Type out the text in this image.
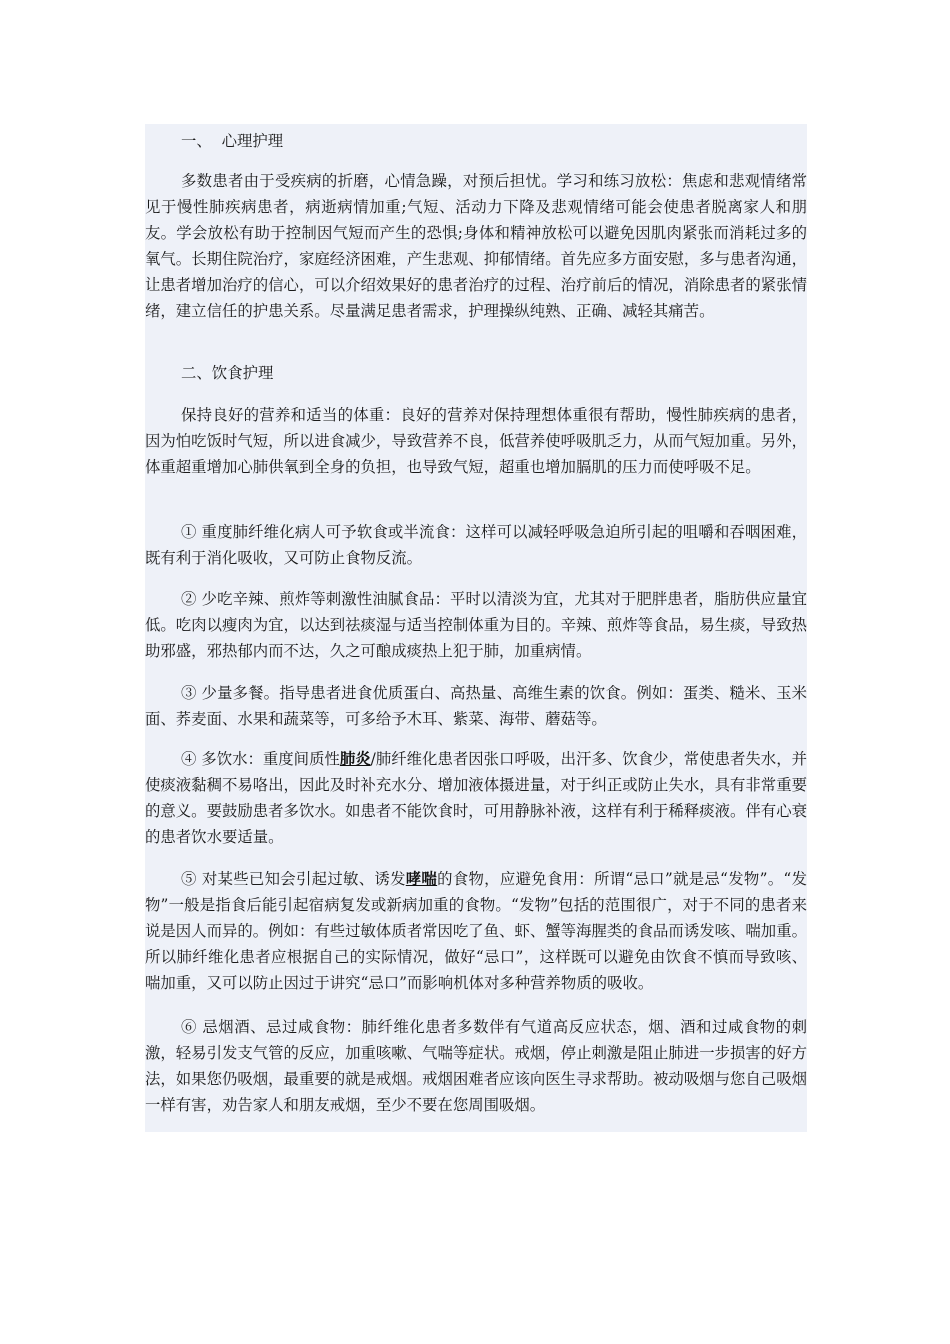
一、  心理护理

多数患者由于受疾病的折磨，心情急躁，对预后担忧。学习和练习放松：焦虑和悲观情绪常见于慢性肺疾病患者，病逝病情加重;气短、活动力下降及悲观情绪可能会使患者脱离家人和朋友。学会放松有助于控制因气短而产生的恐惧;身体和精神放松可以避免因肌肉紧张而消耗过多的氧气。长期住院治疗，家庭经济困难，产生悲观、抑郁情绪。首先应多方面安慰，多与患者沟通，让患者增加治疗的信心，可以介绍效果好的患者治疗的过程、治疗前后的情况，消除患者的紧张情绪，建立信任的护患关系。尽量满足患者需求，护理操纵纯熟、正确、减轻其痛苦。

二、饮食护理

保持良好的营养和适当的体重：良好的营养对保持理想体重很有帮助，慢性肺疾病的患者，因为怕吃饭时气短，所以进食减少，导致营养不良，低营养使呼吸肌乏力，从而气短加重。另外，体重超重增加心肺供氧到全身的负担，也导致气短，超重也增加膈肌的压力而使呼吸不足。

① 重度肺纤维化病人可予软食或半流食：这样可以减轻呼吸急迫所引起的咀嚼和吞咽困难，既有利于消化吸收，又可防止食物反流。

② 少吃辛辣、煎炸等刺激性油腻食品：平时以清淡为宜，尤其对于肥胖患者，脂肪供应量宜低。吃肉以瘦肉为宜，以达到祛痰湿与适当控制体重为目的。辛辣、煎炸等食品，易生痰，导致热助邪盛，邪热郁内而不达，久之可酿成痰热上犯于肺，加重病情。

③ 少量多餐。指导患者进食优质蛋白、高热量、高维生素的饮食。例如：蛋类、糙米、玉米面、荞麦面、水果和蔬菜等，可多给予木耳、紫菜、海带、蘑菇等。

④ 多饮水：重度间质性肺炎/肺纤维化患者因张口呼吸，出汗多、饮食少，常使患者失水，并使痰液黏稠不易咯出，因此及时补充水分、增加液体摄进量，对于纠正或防止失水，具有非常重要的意义。要鼓励患者多饮水。如患者不能饮食时，可用静脉补液，这样有利于稀释痰液。伴有心衰的患者饮水要适量。

⑤ 对某些已知会引起过敏、诱发哮喘的食物，应避免食用：所谓“忌口”就是忌“发物”。“发物”一般是指食后能引起宿病复发或新病加重的食物。“发物”包括的范围很广，对于不同的患者来说是因人而异的。例如：有些过敏体质者常因吃了鱼、虾、蟹等海腥类的食品而诱发咳、喘加重。所以肺纤维化患者应根据自己的实际情况，做好“忌口”，这样既可以避免由饮食不慎而导致咳、喘加重，又可以防止因过于讲究“忌口”而影响机体对多种营养物质的吸收。

⑥ 忌烟酒、忌过咸食物：肺纤维化患者多数伴有气道高反应状态，烟、酒和过咸食物的刺激，轻易引发支气管的反应，加重咳嗽、气喘等症状。戒烟，停止刺激是阻止肺进一步损害的好方法，如果您仍吸烟，最重要的就是戒烟。戒烟困难者应该向医生寻求帮助。被动吸烟与您自己吸烟一样有害，劝告家人和朋友戒烟，至少不要在您周围吸烟。
